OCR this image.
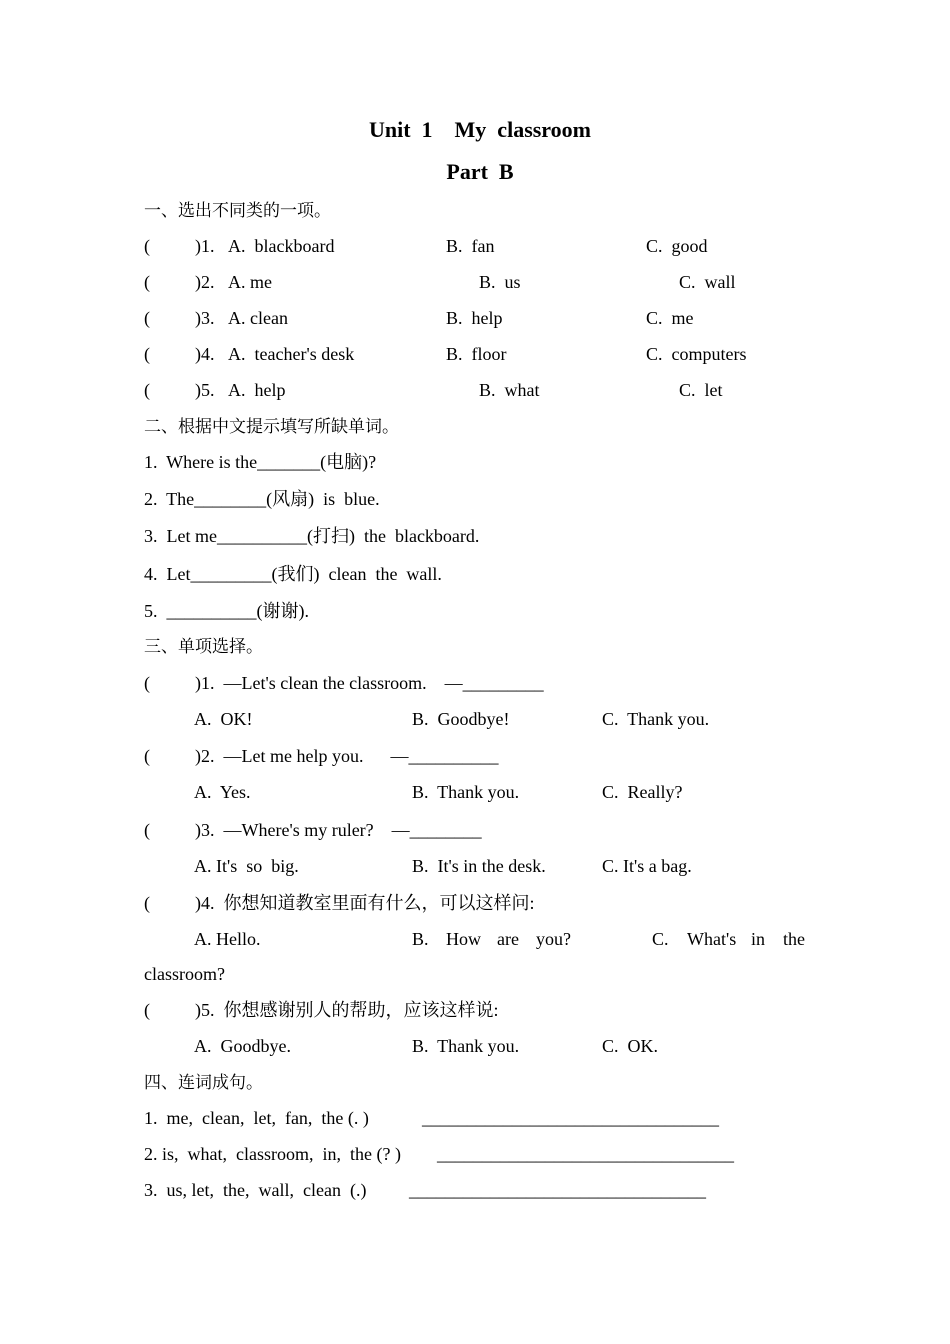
Unit  1    My  classroom
Part  B
一、选出不同类的一项。
(          )1. A.  blackboard	B.  fan	C.  good
(          )2. A. me	B.  us	C.  wall
(          )3. A. clean	B.  help	C.  me
(          )4. A.  teacher's desk	B.  floor	C.  computers
(          )5. A.  help	B.  what	C.  let
二、根据中文提示填写所缺单词。
1.  Where is the_______(电脑)?
2.  The________(风扇)  is  blue.
3.  Let me__________(打扫)  the  blackboard.
4.  Let_________(我们)  clean  the  wall.
5.  __________(谢谢).
三、单项选择。
(          )1.  —Let's clean the classroom.    —_________
A.  OK!	B.  Goodbye!	C.  Thank you.
(          )2.  —Let me help you.      —__________
A.  Yes.	B.  Thank you.	C.  Really?
(          )3.  —Where's my ruler?    —________
A. It's  so  big.	B.  It's in the desk.	C. It's a bag.
(          )4.  你想知道教室里面有什么，可以这样问:
A. Hello.	B. How are you?	C. What's in the
classroom?
(          )5.  你想感谢别人的帮助，应该这样说:
A.  Goodbye.	B.  Thank you.	C.  OK.
四、连词成句。
1.  me,  clean,  let,  fan,  the (. )	_________________________________
2. is,  what,  classroom,  in,  the (? ) _________________________________
3.  us, let,  the,  wall,  clean  (.) _________________________________
